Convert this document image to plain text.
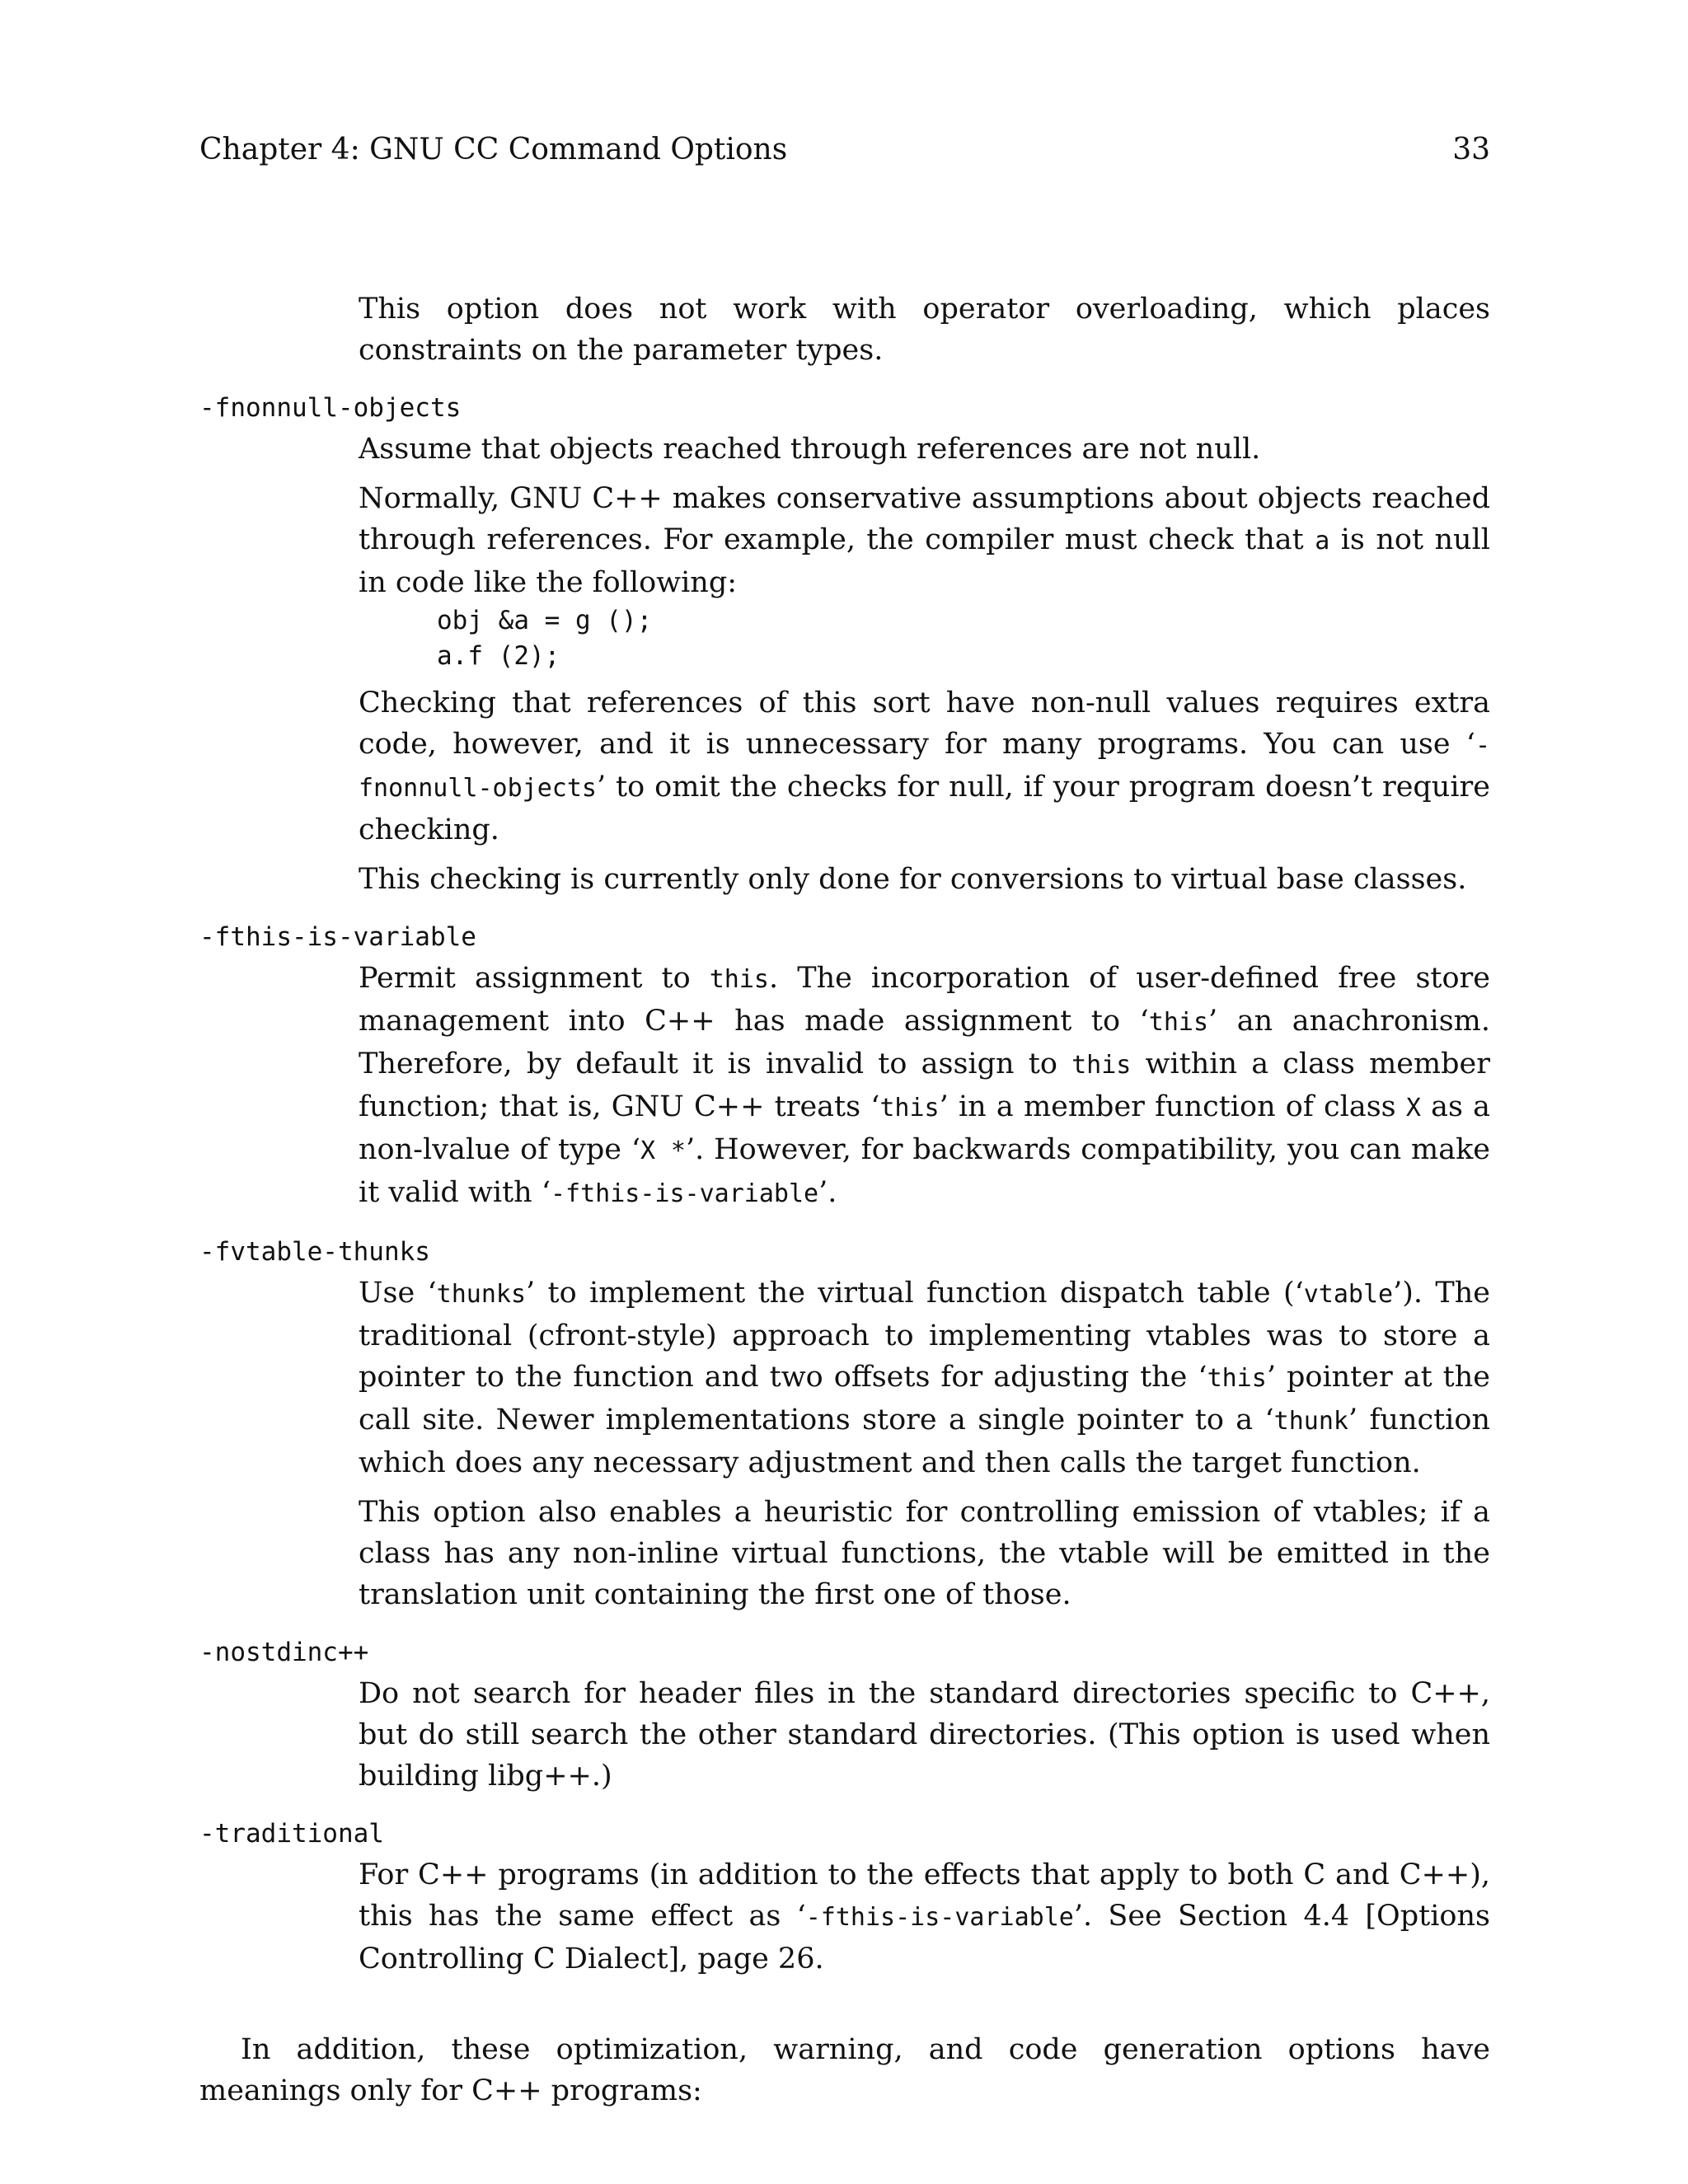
Chapter 4: GNU CC Command Options	33

This option does not work with operator overloading, which places constraints on the parameter types.

-fnonnull-objects

Assume that objects reached through references are not null.

Normally, GNU C++ makes conservative assumptions about objects reached through references. For example, the compiler must check that a is not null in code like the following:

obj &a = g ();
a.f (2);

Checking that references of this sort have non-null values requires extra code, however, and it is unnecessary for many programs. You can use ‘-fnonnull-objects’ to omit the checks for null, if your program doesn’t require checking.

This checking is currently only done for conversions to virtual base classes.

-fthis-is-variable

Permit assignment to this. The incorporation of user-defined free store management into C++ has made assignment to ‘this’ an anachronism. Therefore, by default it is invalid to assign to this within a class member function; that is, GNU C++ treats ‘this’ in a member function of class X as a non-lvalue of type ‘X *’. However, for backwards compatibility, you can make it valid with ‘-fthis-is-variable’.

-fvtable-thunks

Use ‘thunks’ to implement the virtual function dispatch table (‘vtable’). The traditional (cfront-style) approach to implementing vtables was to store a pointer to the function and two offsets for adjusting the ‘this’ pointer at the call site. Newer implementations store a single pointer to a ‘thunk’ function which does any necessary adjustment and then calls the target function.

This option also enables a heuristic for controlling emission of vtables; if a class has any non-inline virtual functions, the vtable will be emitted in the translation unit containing the first one of those.

-nostdinc++

Do not search for header files in the standard directories specific to C++, but do still search the other standard directories. (This option is used when building libg++.)

-traditional

For C++ programs (in addition to the effects that apply to both C and C++), this has the same effect as ‘-fthis-is-variable’. See Section 4.4 [Options Controlling C Dialect], page 26.

In addition, these optimization, warning, and code generation options have meanings only for C++ programs:
